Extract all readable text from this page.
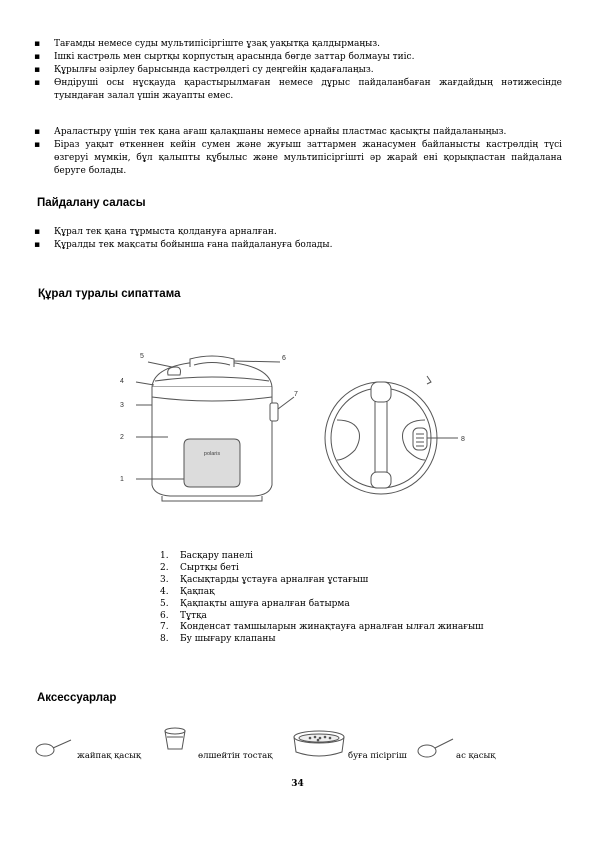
▪ Тағамды немесе суды мультипісіргіште ұзақ уақытқа қалдырмаңыз.
▪ Ішкі кастрөль мен сыртқы корпустың арасында бөгде заттар болмауы тиіс.
▪ Құрылғы әзірлеу барысында кастрөлдегі су деңгейін қадағалаңыз.
▪ Өндіруші осы нұсқауда қарастырылмаған немесе дұрыс пайдаланбаған жағдайдың нәтижесінде туындаған залал үшін жауапты емес.
▪ Араластыру үшін тек қана ағаш қалақшаны немесе арнайы пластмас қасықты пайдаланыңыз.
▪ Біраз уақыт өткеннен кейін сумен және жуғыш заттармен жанасумен байланысты кастрөлдің түсі өзгеруі мүмкін, бұл қалыпты құбылыс және мультипісіргішті әр жарай ені қорықпастан пайдалана беруге болады.
Пайдалану саласы
▪ Құрал тек қана тұрмыста қолдануға арналған.
▪ Құралды тек мақсаты бойынша ғана пайдалануға болады.
Құрал туралы сипаттама
polaris
5	6
4
3
2
1
7
8
1. Басқару панелі
2. Сыртқы беті
3. Қасықтарды ұстауға арналған ұстағыш
4. Қақпақ
5. Қақпақты ашуға арналған батырма
6. Тұтқа
7. Конденсат тамшыларын жинақтауға арналған ылғал жинағыш
8. Бу шығару клапаны
Аксессуарлар
жайпақ қасық	өлшейтін тостақ	буға пісіргіш	ас қасық
34
